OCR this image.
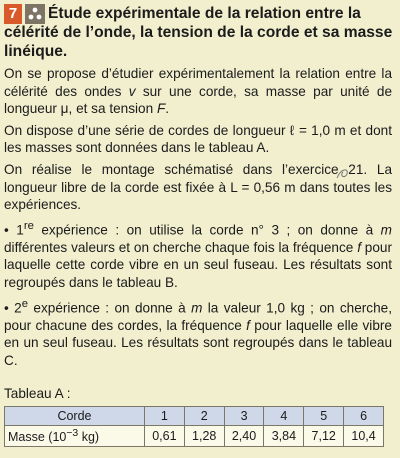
7	Étude expérimentale de la relation entre la célérité de l’onde, la tension de la corde et sa masse linéique.

On se propose d’étudier expérimentalement la relation entre la célérité des ondes v sur une corde, sa masse par unité de longueur μ, et sa tension F.

On dispose d’une série de cordes de longueur ℓ = 1,0 m et dont les masses sont données dans le tableau A.

On réalise le montage schématisé dans l’exercice 21. La longueur libre de la corde est fixée à L = 0,56 m dans toutes les expériences.

• 1re expérience : on utilise la corde n° 3 ; on donne à m différentes valeurs et on cherche chaque fois la fréquence f pour laquelle cette corde vibre en un seul fuseau. Les résultats sont regroupés dans le tableau B.

• 2e expérience : on donne à m la valeur 1,0 kg ; on cherche, pour chacune des cordes, la fréquence f pour laquelle elle vibre en un seul fuseau. Les résultats sont regroupés dans le tableau C.

Tableau A :
Corde	1	2	3	4	5	6
Masse ($10^{-3}$ kg)	0,61	1,28	2,40	3,84	7,12	10,4
